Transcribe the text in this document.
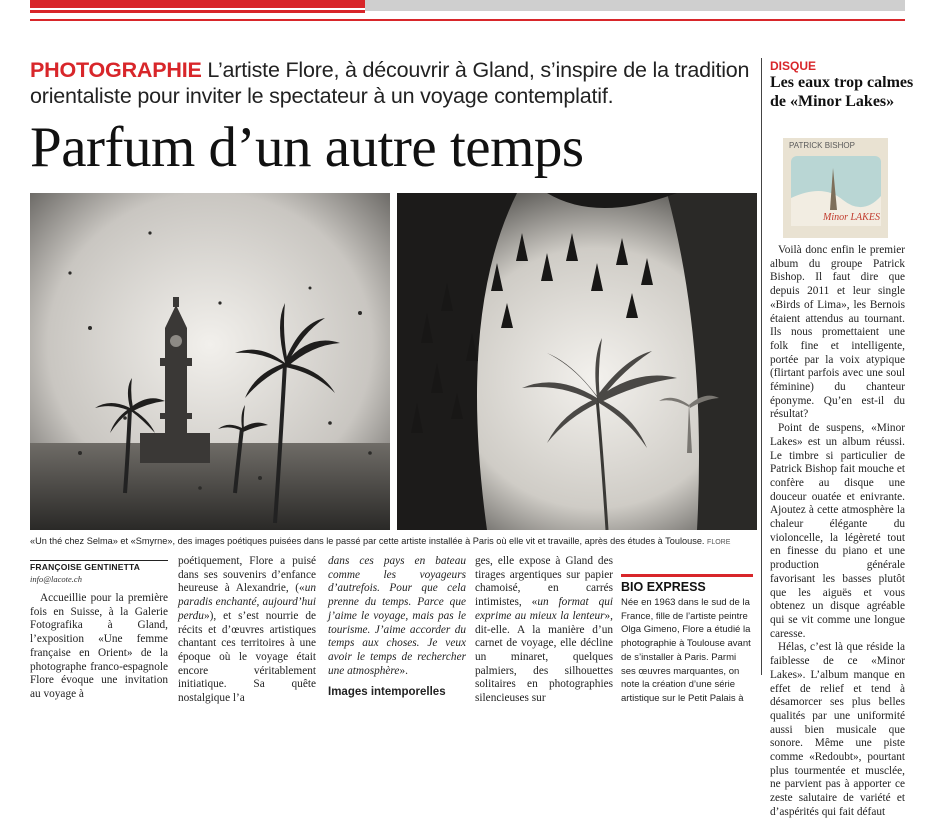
PHOTOGRAPHIE L’artiste Flore, à découvrir à Gland, s’inspire de la tradition orientaliste pour inviter le spectateur à un voyage contemplatif.
Parfum d’un autre temps
«Un thé chez Selma» et «Smyrne», des images poétiques puisées dans le passé par cette artiste installée à Paris où elle vit et travaille, après des études à Toulouse. FLORE
DISQUE
Les eaux trop calmes de «Minor Lakes»
PATRICK BISHOP
Minor LAKES

Voilà donc enfin le premier album du groupe Patrick Bishop. Il faut dire que depuis 2011 et leur single «Birds of Lima», les Bernois étaient attendus au tournant. Ils nous promettaient une folk fine et intelligente, portée par la voix atypique (flirtant parfois avec une soul féminine) du chanteur éponyme. Qu’en est-il du résultat?

Point de suspens, «Minor Lakes» est un album réussi. Le timbre si particulier de Patrick Bishop fait mouche et confère au disque une douceur ouatée et enivrante. Ajoutez à cette atmosphère la chaleur élégante du violoncelle, la légèreté tout en finesse du piano et une production générale favorisant les basses plutôt que les aiguës et vous obtenez un disque agréable qui se vit comme une longue caresse.

Hélas, c’est là que réside la faiblesse de ce «Minor Lakes». L’album manque en effet de relief et tend à désamorcer ses plus belles qualités par une uniformité aussi bien musicale que sonore. Même une piste comme «Redoubt», pourtant plus tourmentée et musclée, ne parvient pas à apporter ce zeste salutaire de variété et d’aspérités qui fait défaut

FRANÇOISE GENTINETTA
info@lacote.ch

Accueillie pour la première fois en Suisse, à la Galerie Fotografika à Gland, l’exposition «Une femme française en Orient» de la photographe franco-espagnole Flore évoque une invitation au voyage à

poétiquement, Flore a puisé dans ses souvenirs d’enfance heureuse à Alexandrie, («un paradis enchanté, aujourd’hui perdu»), et s’est nourrie de récits et d’œuvres artistiques chantant ces territoires à une époque où le voyage était encore véritablement initiatique. Sa quête nostalgique l’a

dans ces pays en bateau comme les voyageurs d’autrefois. Pour que cela prenne du temps. Parce que j’aime le voyage, mais pas le tourisme. J’aime accorder du temps aux choses. Je veux avoir le temps de rechercher une atmosphère».

Images intemporelles

ges, elle expose à Gland des tirages argentiques sur papier chamoisé, en carrés intimistes, «un format qui exprime au mieux la lenteur», dit-elle. A la manière d’un carnet de voyage, elle décline un minaret, quelques palmiers, des silhouettes solitaires en photographies silencieuses sur

BIO EXPRESS
Née en 1963 dans le sud de la France, fille de l’artiste peintre Olga Gimeno, Flore a étudié la photographie à Toulouse avant de s’installer à Paris. Parmi ses œuvres marquantes, on note la création d’une série artistique sur le Petit Palais à
